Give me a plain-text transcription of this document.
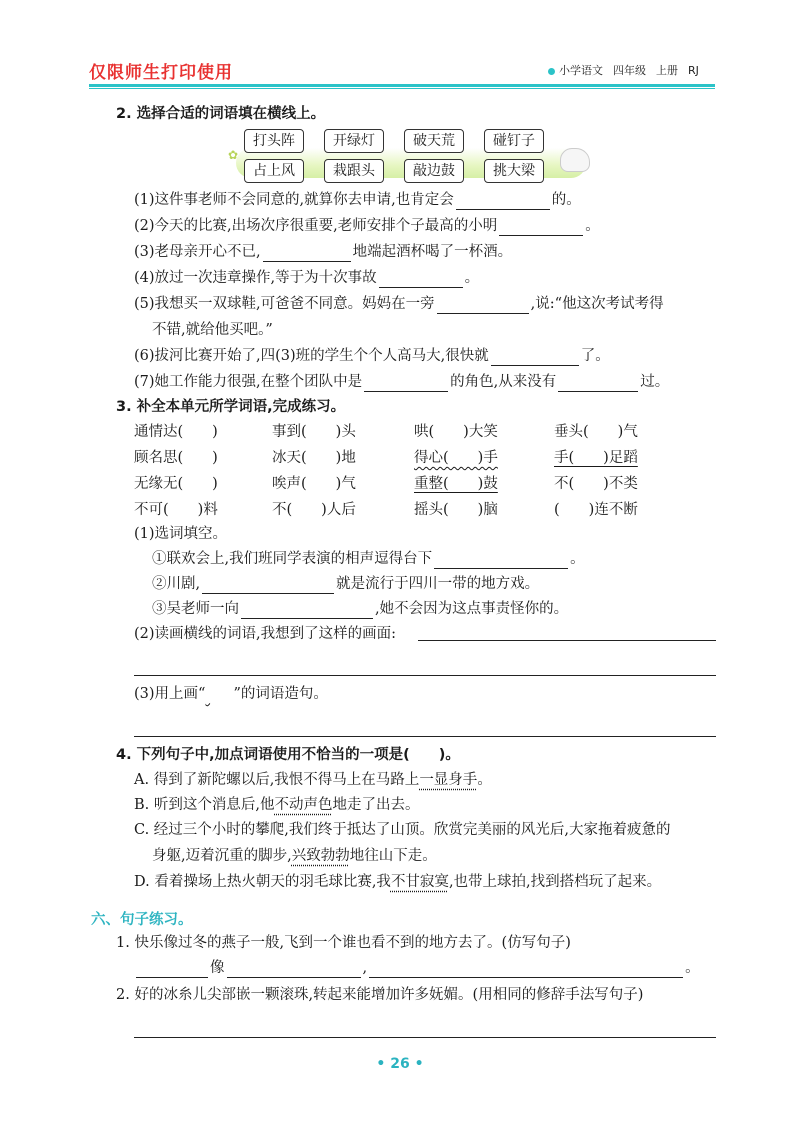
仅限师生打印使用	小学语文 四年级 上册 RJ
2. 选择合适的词语填在横线上。
✿
打头阵	开绿灯	破天荒	碰钉子
占上风	栽跟头	敲边鼓	挑大梁
(1)这件事老师不会同意的,就算你去申请,也肯定会	的。
(2)今天的比赛,出场次序很重要,老师安排个子最高的小明	。
(3)老母亲开心不已,	地端起酒杯喝了一杯酒。
(4)放过一次违章操作,等于为十次事故	。
(5)我想买一双球鞋,可爸爸不同意。妈妈在一旁	,说:“他这次考试考得
不错,就给他买吧。”
(6)拔河比赛开始了,四(3)班的学生个个人高马大,很快就	了。
(7)她工作能力很强,在整个团队中是	的角色,从来没有	过。
3. 补全本单元所学词语,完成练习。
通情达(　　)	事到(　　)头	哄(　　)大笑	垂头(　　)气
顾名思(　　)	冰天(　　)地	得心(　　)手	手(　　)足蹈
无缘无(　　)	唉声(　　)气	重整(　　)鼓	不(　　)不类
不可(　　)料	不(　　)人后	摇头(　　)脑	(　　)连不断
(1)选词填空。
①联欢会上,我们班同学表演的相声逗得台下	。
②川剧,	就是流行于四川一带的地方戏。
③吴老师一向	,她不会因为这点事责怪你的。
(2)读画横线的词语,我想到了这样的画面:
(3)用上画“ ”的词语造句。
4. 下列句子中,加点词语使用不恰当的一项是(　　)。
A. 得到了新陀螺以后,我恨不得马上在马路上一显身手。
B. 听到这个消息后,他不动声色地走了出去。
C. 经过三个小时的攀爬,我们终于抵达了山顶。欣赏完美丽的风光后,大家拖着疲惫的
身躯,迈着沉重的脚步,兴致勃勃地往山下走。
D. 看着操场上热火朝天的羽毛球比赛,我不甘寂寞,也带上球拍,找到搭档玩了起来。
六、句子练习。
1. 快乐像过冬的燕子一般,飞到一个谁也看不到的地方去了。(仿写句子)
像	,	。
2. 好的冰糸儿尖部嵌一颗滚珠,转起来能增加许多妩媚。(用相同的修辞手法写句子)
• 26 •
